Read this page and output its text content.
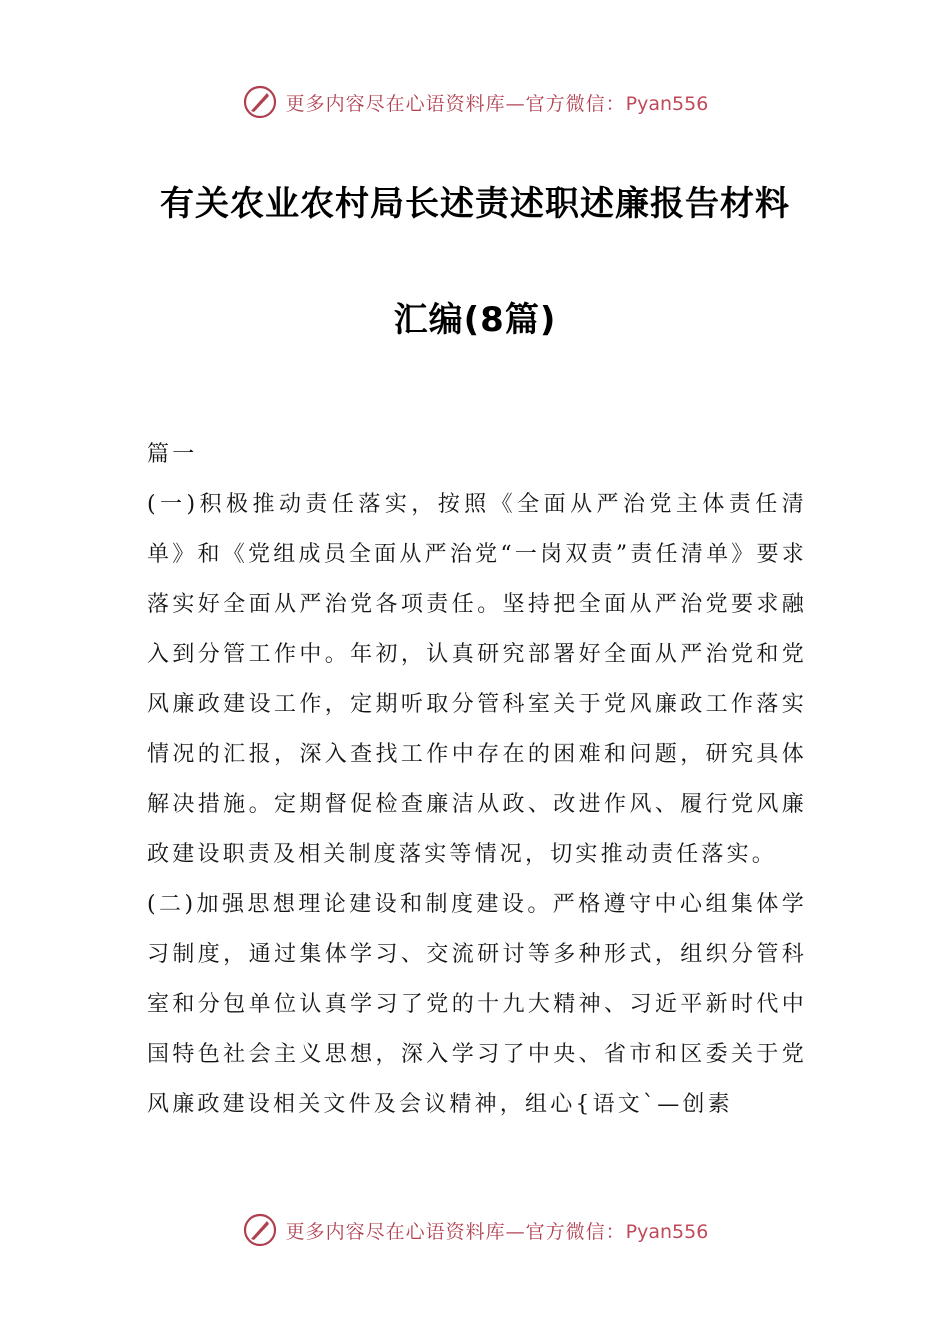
更多内容尽在心语资料库—官方微信：Pyan556
有关农业农村局长述责述职述廉报告材料
汇编(8篇)

篇一

(一)积极推动责任落实，按照《全面从严治党主体责任清单》和《党组成员全面从严治党“一岗双责”责任清单》要求落实好全面从严治党各项责任。坚持把全面从严治党要求融入到分管工作中。年初，认真研究部署好全面从严治党和党风廉政建设工作，定期听取分管科室关于党风廉政工作落实情况的汇报，深入查找工作中存在的困难和问题，研究具体解决措施。定期督促检查廉洁从政、改进作风、履行党风廉政建设职责及相关制度落实等情况，切实推动责任落实。

(二)加强思想理论建设和制度建设。严格遵守中心组集体学习制度，通过集体学习、交流研讨等多种形式，组织分管科室和分包单位认真学习了党的十九大精神、习近平新时代中国特色社会主义思想，深入学习了中央、省市和区委关于党风廉政建设相关文件及会议精神，组心{语文`—创素

更多内容尽在心语资料库—官方微信：Pyan556
